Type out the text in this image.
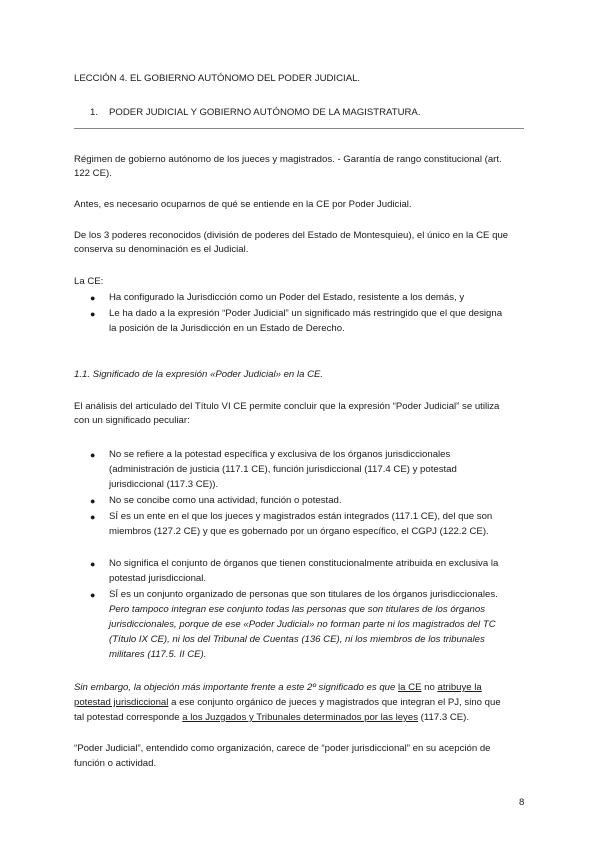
LECCIÓN 4. EL GOBIERNO AUTÓNOMO DEL PODER JUDICIAL.
1. PODER JUDICIAL Y GOBIERNO AUTÓNOMO DE LA MAGISTRATURA.
Régimen de gobierno autónomo de los jueces y magistrados. - Garantía de rango constitucional (art.
122 CE).
Antes, es necesario ocuparnos de qué se entiende en la CE por Poder Judicial.
De los 3 poderes reconocidos (división de poderes del Estado de Montesquieu), el único en la CE que
conserva su denominación es el Judicial.
La CE:
● Ha configurado la Jurisdicción como un Poder del Estado, resistente a los demás, y
● Le ha dado a la expresión “Poder Judicial” un significado más restringido que el que designa
la posición de la Jurisdicción en un Estado de Derecho.
1.1. Significado de la expresión «Poder Judicial» en la CE.
El análisis del articulado del Título VI CE permite concluir que la expresión “Poder Judicial” se utiliza
con un significado peculiar:
● No se refiere a la potestad específica y exclusiva de los órganos jurisdiccionales
(administración de justicia (117.1 CE), función jurisdiccional (117.4 CE) y potestad
jurisdiccional (117.3 CE)).
● No se concibe como una actividad, función o potestad.
● SÍ es un ente en el que los jueces y magistrados están integrados (117.1 CE), del que son
miembros (127.2 CE) y que es gobernado por un órgano específico, el CGPJ (122.2 CE).
● No significa el conjunto de órganos que tienen constitucionalmente atribuida en exclusiva la
potestad jurisdiccional.
● SÍ es un conjunto organizado de personas que son titulares de los órganos jurisdiccionales.
Pero tampoco integran ese conjunto todas las personas que son titulares de los órganos
jurisdiccionales, porque de ese «Poder Judicial» no forman parte ni los magistrados del TC
(Título IX CE), ni los del Tribunal de Cuentas (136 CE), ni los miembros de los tribunales
militares (117.5. II CE).
Sin embargo, la objeción más importante frente a este 2º significado es que la CE no atribuye la
potestad jurisdiccional a ese conjunto orgánico de jueces y magistrados que integran el PJ, sino que
tal potestad corresponde a los Juzgados y Tribunales determinados por las leyes (117.3 CE).
“Poder Judicial”, entendido como organización, carece de “poder jurisdiccional” en su acepción de
función o actividad.
8
